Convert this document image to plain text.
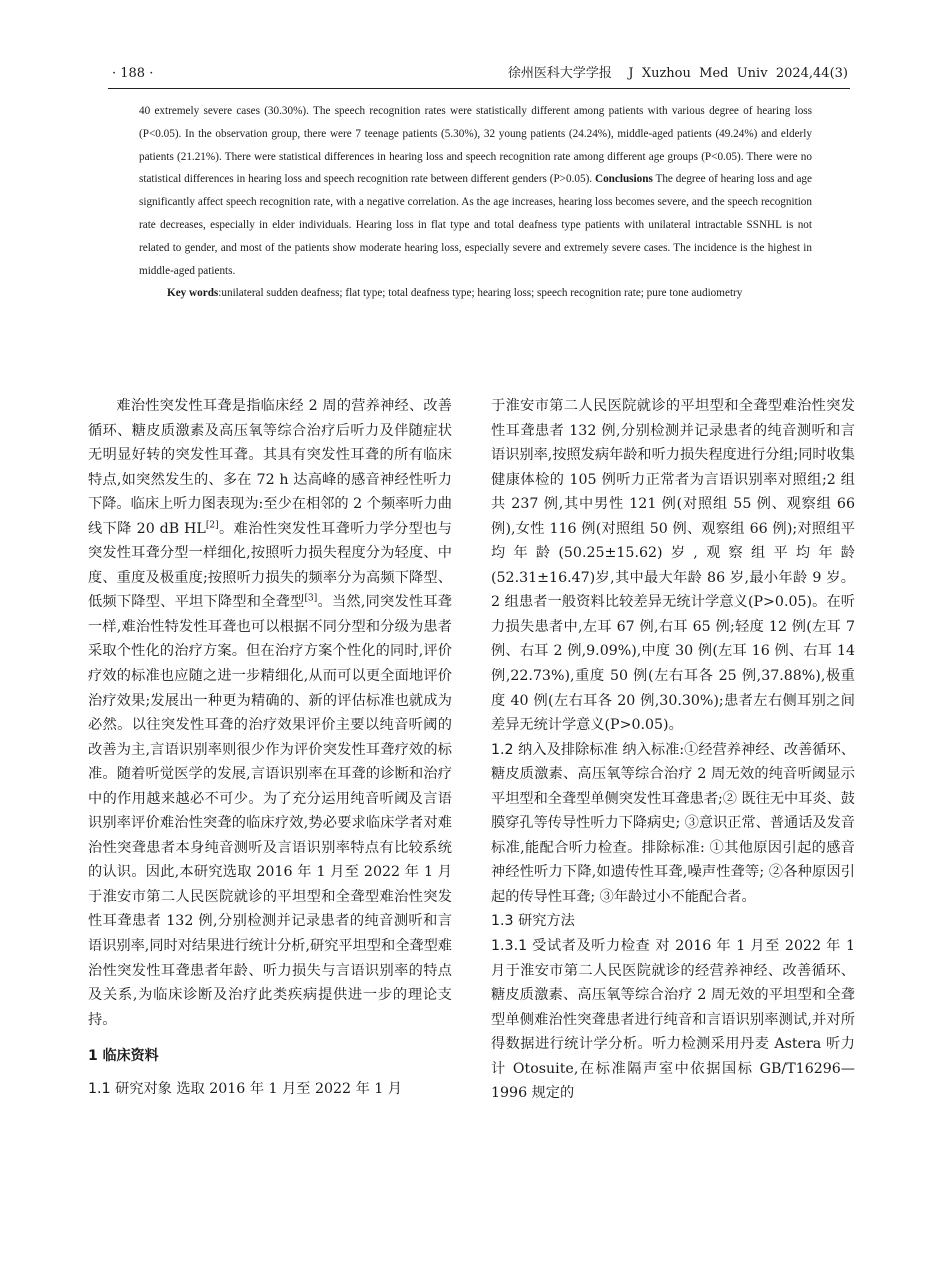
· 188 ·	徐州医科大学学报    J  Xuzhou  Med  Univ  2024,44(3)
40 extremely severe cases (30.30%). The speech recognition rates were statistically different among patients with various degree of hearing loss (P<0.05). In the observation group, there were 7 teenage patients (5.30%), 32 young patients (24.24%), middle-aged patients (49.24%) and elderly patients (21.21%). There were statistical differences in hearing loss and speech recognition rate among different age groups (P<0.05). There were no statistical differences in hearing loss and speech recognition rate between different genders (P>0.05). Conclusions The degree of hearing loss and age significantly affect speech recognition rate, with a negative correlation. As the age increases, hearing loss becomes severe, and the speech recognition rate decreases, especially in elder individuals. Hearing loss in flat type and total deafness type patients with unilateral intractable SSNHL is not related to gender, and most of the patients show moderate hearing loss, especially severe and extremely severe cases. The incidence is the highest in middle-aged patients.
Key words:unilateral sudden deafness; flat type; total deafness type; hearing loss; speech recognition rate; pure tone audiometry

难治性突发性耳聋是指临床经 2 周的营养神经、改善循环、糖皮质激素及高压氧等综合治疗后听力及伴随症状无明显好转的突发性耳聋。其具有突发性耳聋的所有临床特点,如突然发生的、多在 72 h 达高峰的感音神经性听力下降。临床上听力图表现为:至少在相邻的 2 个频率听力曲线下降 20 dB HL[2]。难治性突发性耳聋听力学分型也与突发性耳聋分型一样细化,按照听力损失程度分为轻度、中度、重度及极重度;按照听力损失的频率分为高频下降型、低频下降型、平坦下降型和全聋型[3]。当然,同突发性耳聋一样,难治性特发性耳聋也可以根据不同分型和分级为患者采取个性化的治疗方案。但在治疗方案个性化的同时,评价疗效的标准也应随之进一步精细化,从而可以更全面地评价治疗效果;发展出一种更为精确的、新的评估标准也就成为必然。以往突发性耳聋的治疗效果评价主要以纯音听阈的改善为主,言语识别率则很少作为评价突发性耳聋疗效的标准。随着听觉医学的发展,言语识别率在耳聋的诊断和治疗中的作用越来越必不可少。为了充分运用纯音听阈及言语识别率评价难治性突聋的临床疗效,势必要求临床学者对难治性突聋患者本身纯音测听及言语识别率特点有比较系统的认识。因此,本研究选取 2016 年 1 月至 2022 年 1 月于淮安市第二人民医院就诊的平坦型和全聋型难治性突发性耳聋患者 132 例,分别检测并记录患者的纯音测听和言语识别率,同时对结果进行统计分析,研究平坦型和全聋型难治性突发性耳聋患者年龄、听力损失与言语识别率的特点及关系,为临床诊断及治疗此类疾病提供进一步的理论支持。

1 临床资料

1.1 研究对象 选取 2016 年 1 月至 2022 年 1 月

于淮安市第二人民医院就诊的平坦型和全聋型难治性突发性耳聋患者 132 例,分别检测并记录患者的纯音测听和言语识别率,按照发病年龄和听力损失程度进行分组;同时收集健康体检的 105 例听力正常者为言语识别率对照组;2 组共 237 例,其中男性 121 例(对照组 55 例、观察组 66 例),女性 116 例(对照组 50 例、观察组 66 例);对照组平均年龄(50.25±15.62)岁,观察组平均年龄(52.31±16.47)岁,其中最大年龄 86 岁,最小年龄 9 岁。2 组患者一般资料比较差异无统计学意义(P>0.05)。在听力损失患者中,左耳 67 例,右耳 65 例;轻度 12 例(左耳 7 例、右耳 2 例,9.09%),中度 30 例(左耳 16 例、右耳 14 例,22.73%),重度 50 例(左右耳各 25 例,37.88%),极重度 40 例(左右耳各 20 例,30.30%);患者左右侧耳别之间差异无统计学意义(P>0.05)。

1.2 纳入及排除标准 纳入标准:①经营养神经、改善循环、糖皮质激素、高压氧等综合治疗 2 周无效的纯音听阈显示平坦型和全聋型单侧突发性耳聋患者;② 既往无中耳炎、鼓膜穿孔等传导性听力下降病史; ③意识正常、普通话及发音标准,能配合听力检查。排除标准: ①其他原因引起的感音神经性听力下降,如遗传性耳聋,噪声性聋等; ②各种原因引起的传导性耳聋; ③年龄过小不能配合者。

1.3 研究方法

1.3.1 受试者及听力检查 对 2016 年 1 月至 2022 年 1 月于淮安市第二人民医院就诊的经营养神经、改善循环、糖皮质激素、高压氧等综合治疗 2 周无效的平坦型和全聋型单侧难治性突聋患者进行纯音和言语识别率测试,并对所得数据进行统计学分析。听力检测采用丹麦 Astera 听力计 Otosuite,在标准隔声室中依据国标 GB/T16296—1996 规定的
